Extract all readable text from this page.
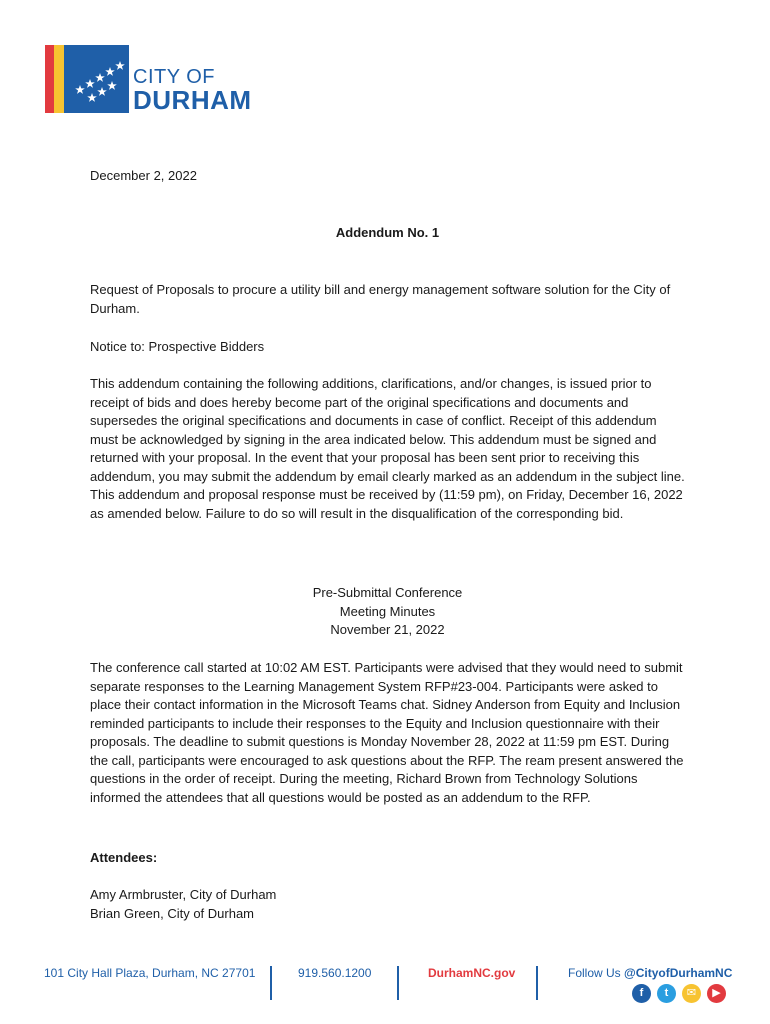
CITY OF
DURHAM

December 2, 2022

Addendum No. 1

Request of Proposals to procure a utility bill and energy management software solution for the City of Durham.

Notice to: Prospective Bidders

This addendum containing the following additions, clarifications, and/or changes, is issued prior to receipt of bids and does hereby become part of the original specifications and documents and supersedes the original specifications and documents in case of conflict. Receipt of this addendum must be acknowledged by signing in the area indicated below. This addendum must be signed and returned with your proposal. In the event that your proposal has been sent prior to receiving this addendum, you may submit the addendum by email clearly marked as an addendum in the subject line. This addendum and proposal response must be received by (11:59 pm), on Friday, December 16, 2022 as amended below. Failure to do so will result in the disqualification of the corresponding bid.

Pre-Submittal Conference
Meeting Minutes
November 21, 2022

The conference call started at 10:02 AM EST. Participants were advised that they would need to submit separate responses to the Learning Management System RFP#23-004. Participants were asked to place their contact information in the Microsoft Teams chat. Sidney Anderson from Equity and Inclusion reminded participants to include their responses to the Equity and Inclusion questionnaire with their proposals. The deadline to submit questions is Monday November 28, 2022 at 11:59 pm EST. During the call, participants were encouraged to ask questions about the RFP. The ream present answered the questions in the order of receipt. During the meeting, Richard Brown from Technology Solutions informed the attendees that all questions would be posted as an addendum to the RFP.

Attendees:

Amy Armbruster, City of Durham
Brian Green, City of Durham
101 City Hall Plaza, Durham, NC 27701	919.560.1200	DurhamNC.gov	Follow Us @CityofDurhamNC
f	t	✉	▶
